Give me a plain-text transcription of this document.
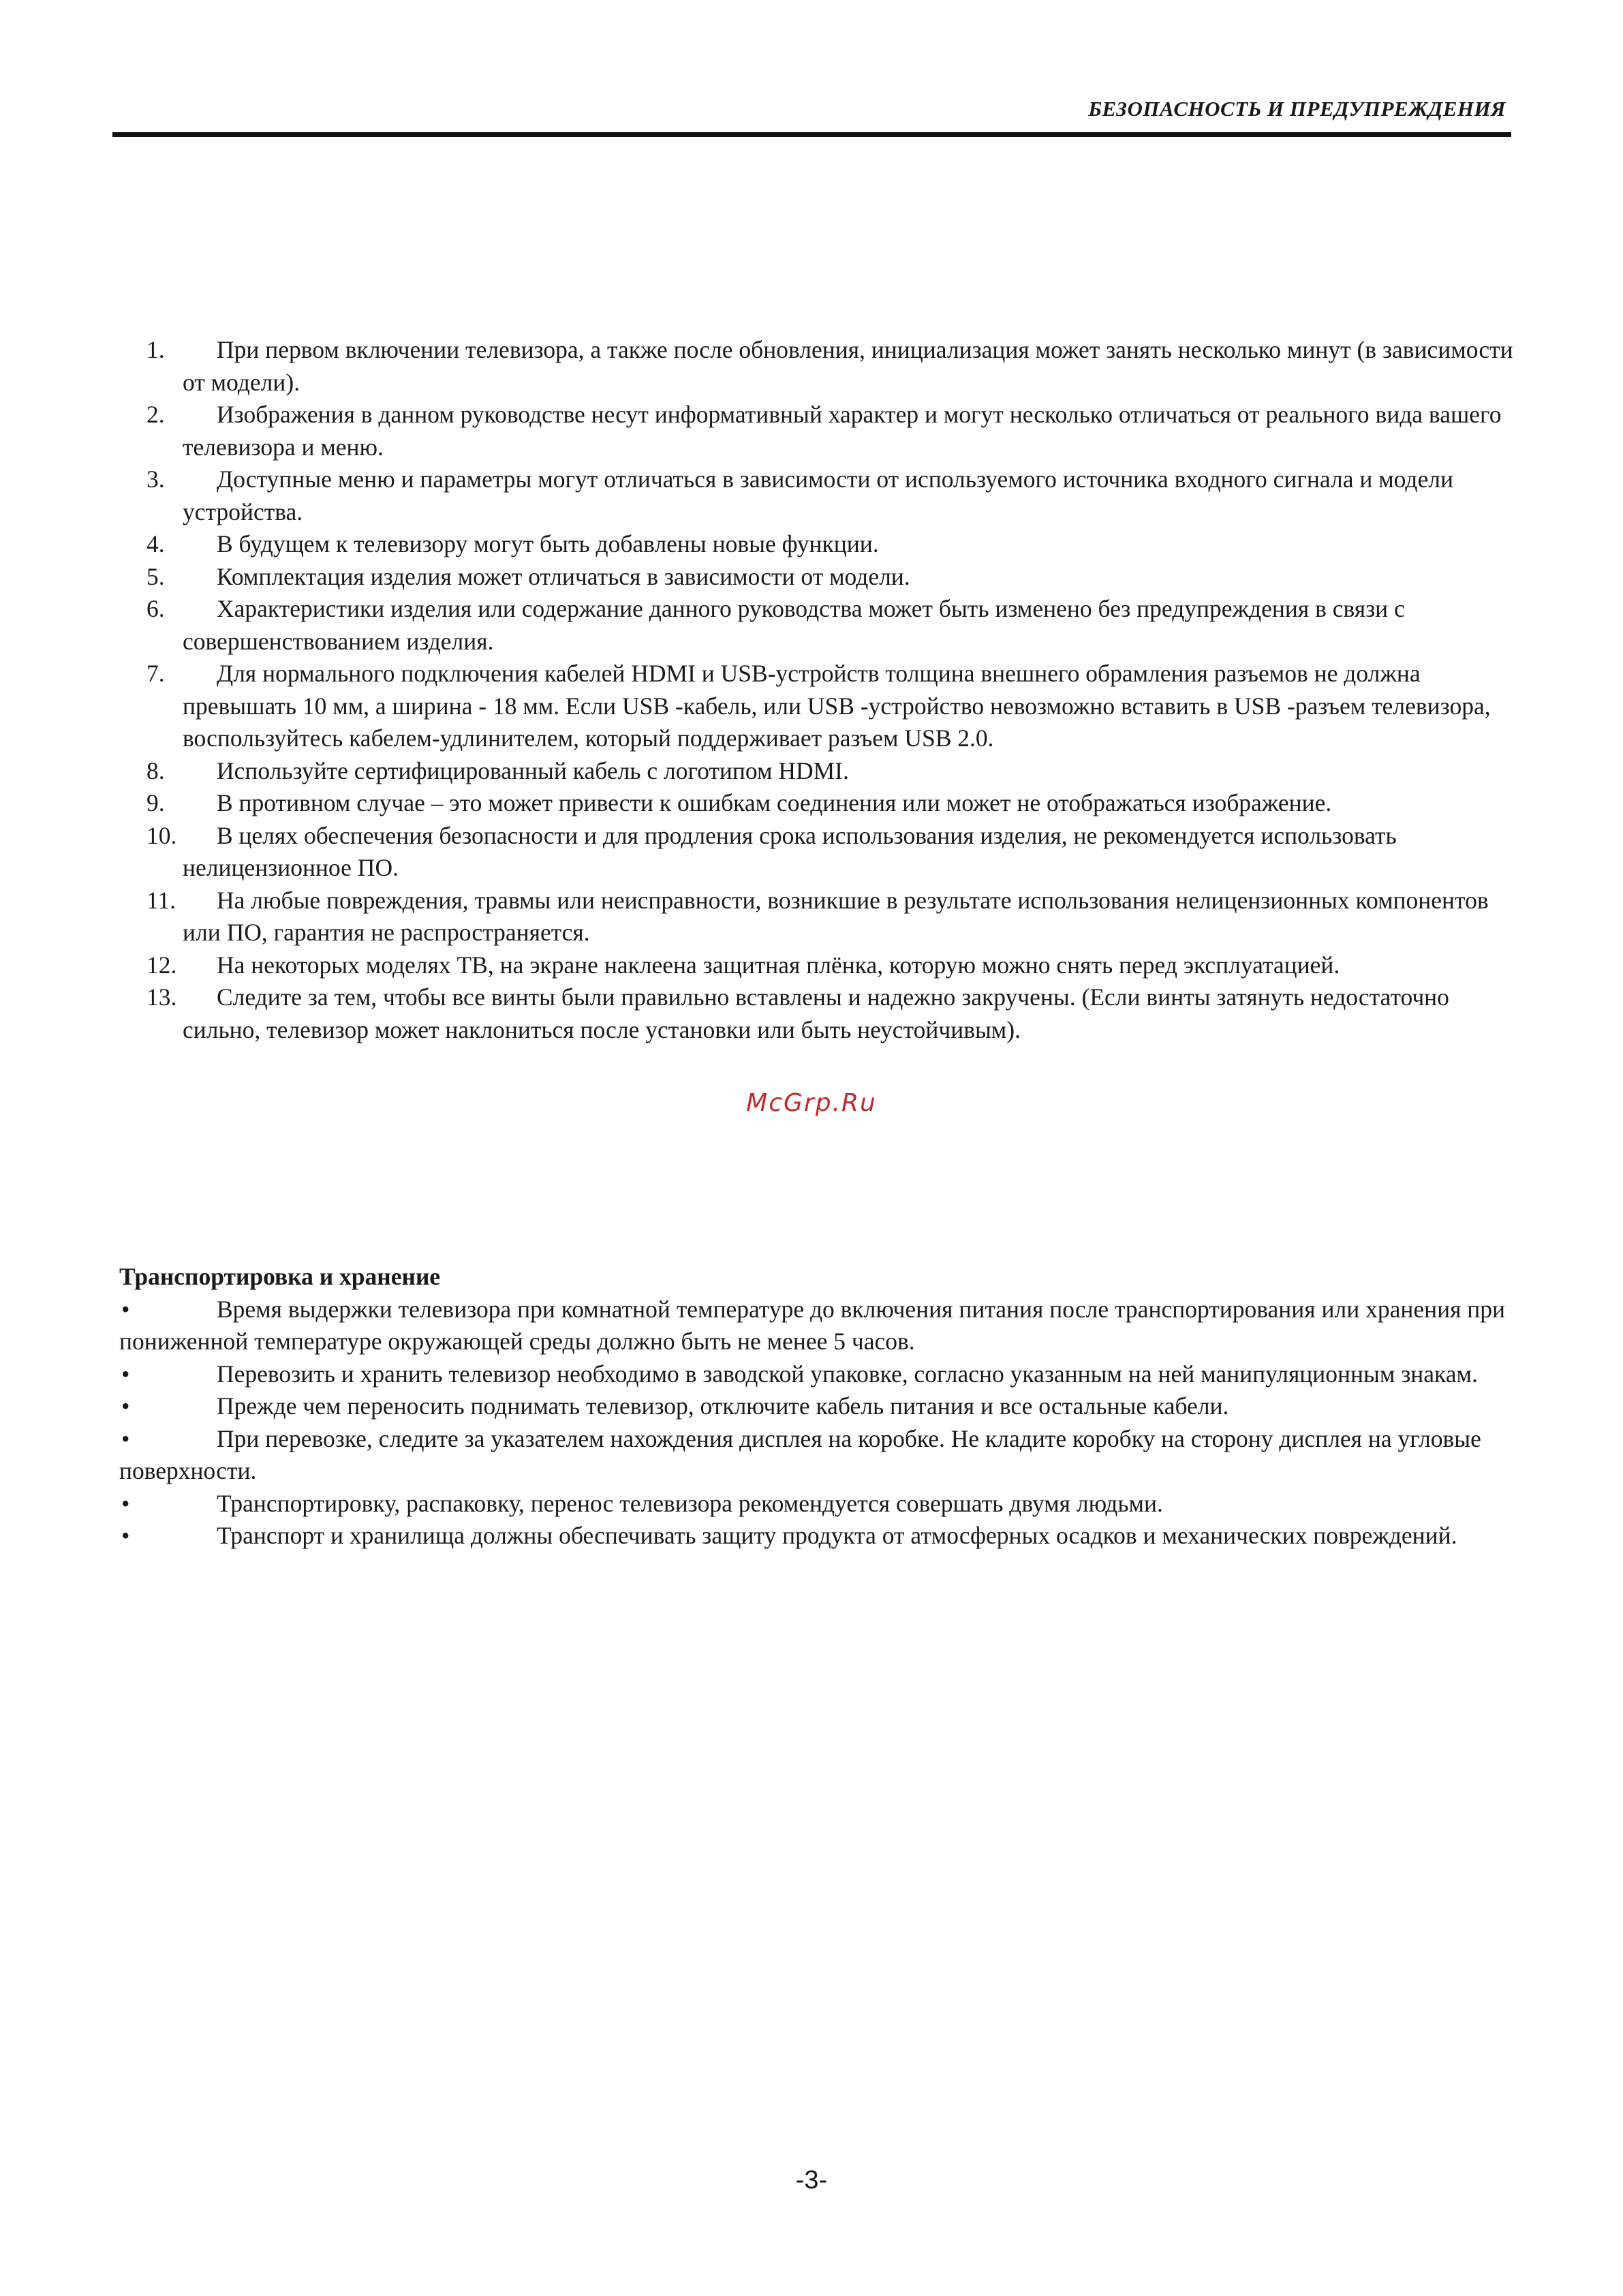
БЕЗОПАСНОСТЬ И ПРЕДУПРЕЖДЕНИЯ
1.	При первом включении телевизора, а также после обновления, инициализация может занять несколько минут (в зависимости от модели).
2.	Изображения в данном руководстве несут информативный характер и могут несколько отличаться от реального вида вашего телевизора и меню.
3.	Доступные меню и параметры могут отличаться в зависимости от используемого источника входного сигнала и модели устройства.
4.	В будущем к телевизору могут быть добавлены новые функции.
5.	Комплектация изделия может отличаться в зависимости от модели.
6.	Характеристики изделия или содержание данного руководства может быть изменено без предупреждения в связи с совершенствованием изделия.
7.	Для нормального подключения кабелей HDMI и USB-устройств толщина внешнего обрамления разъемов не должна превышать 10 мм, а ширина - 18 мм. Если USB -кабель, или USB -устройство невозможно вставить в USB -разъем телевизора, воспользуйтесь кабелем-удлинителем, который поддерживает разъем USB 2.0.
8.	Используйте сертифицированный кабель с логотипом HDMI.
9.	В противном случае – это может привести к ошибкам соединения или может не отображаться изображение.
10.	В целях обеспечения безопасности и для продления срока использования изделия, не рекомендуется использовать нелицензионное ПО.
11.	На любые повреждения, травмы или неисправности, возникшие в результате использования нелицензионных компонентов или ПО, гарантия не распространяется.
12.	На некоторых моделях ТВ, на экране наклеена защитная плёнка, которую можно снять перед эксплуатацией.
13.	Следите за тем, чтобы все винты были правильно вставлены и надежно закручены. (Если винты затянуть недостаточно сильно, телевизор может наклониться после установки или быть неустойчивым).
McGrp.Ru
Транспортировка и хранение
•	Время выдержки телевизора при комнатной температуре до включения питания после транспортирования или хранения при пониженной температуре окружающей среды должно быть не менее 5 часов.
•	Перевозить и хранить телевизор необходимо в заводской упаковке, согласно указанным на ней манипуляционным знакам.
•	Прежде чем переносить поднимать телевизор, отключите кабель питания и все остальные кабели.
•	При перевозке, следите за указателем нахождения дисплея на коробке. Не кладите коробку на сторону дисплея на угловые поверхности.
•	Транспортировку, распаковку, перенос телевизора рекомендуется совершать двумя людьми.
•	Транспорт и хранилища должны обеспечивать защиту продукта от атмосферных осадков и механических повреждений.
-3-
